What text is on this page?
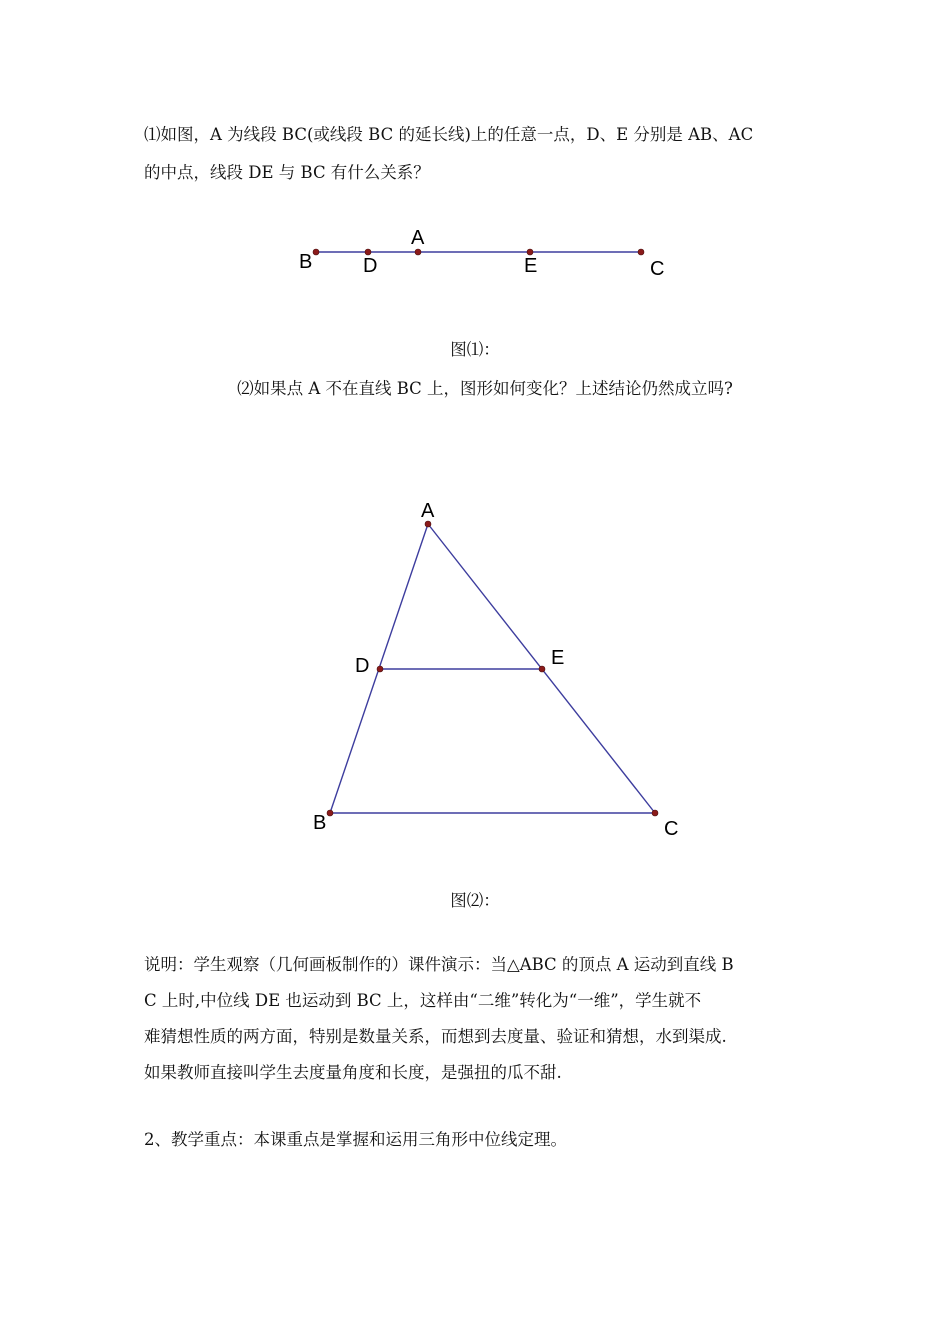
⑴如图，A 为线段 BC(或线段 BC 的延长线)上的任意一点，D、E 分别是 AB、AC

的中点，线段 DE 与 BC 有什么关系？

B	D
A
E	C

图⑴：

⑵如果点 A 不在直线 BC 上，图形如何变化？上述结论仍然成立吗?

A
D	E
B	C

图⑵：

说明：学生观察（几何画板制作的）课件演示：当△ABC 的顶点 A 运动到直线 B

C 上时,中位线 DE 也运动到 BC 上，这样由“二维”转化为“一维”，学生就不

难猜想性质的两方面，特别是数量关系，而想到去度量、验证和猜想，水到渠成.

如果教师直接叫学生去度量角度和长度，是强扭的瓜不甜.

2、教学重点：本课重点是掌握和运用三角形中位线定理。
